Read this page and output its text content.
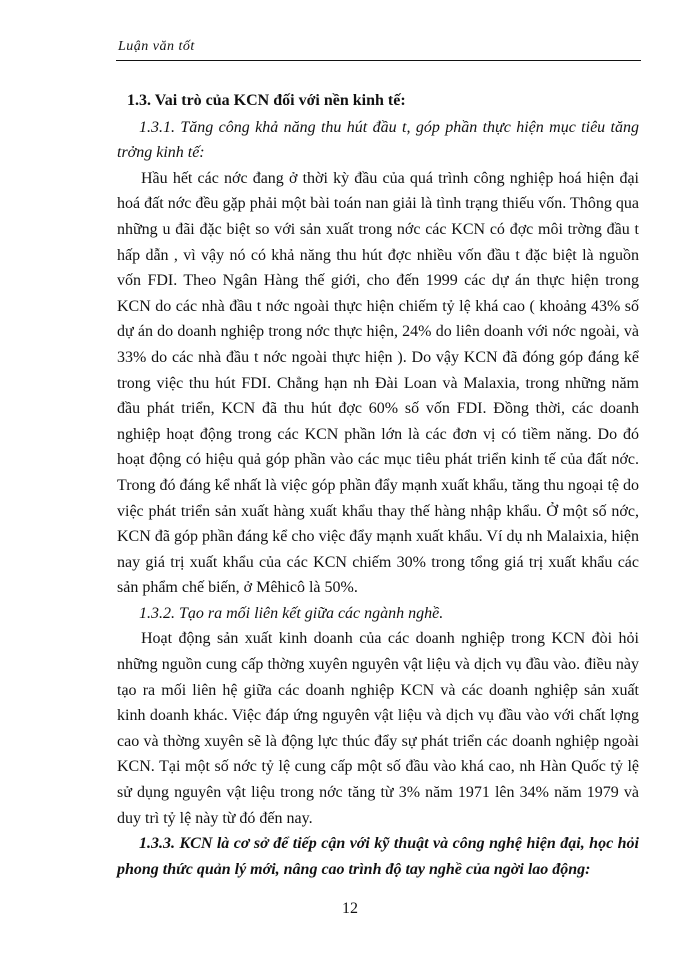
Luận văn tốt

1.3. Vai trò của KCN đối với nền kinh tế:

1.3.1. Tăng công khả năng thu hút đầu t, góp phần thực hiện mục tiêu tăng trởng kinh tế:

Hầu hết các nớc đang ở thời kỳ đầu của quá trình công nghiệp hoá hiện đại hoá đất nớc đều gặp phải một bài toán nan giải là tình trạng thiếu vốn. Thông qua những u đãi đặc biệt so với sản xuất trong nớc các KCN có đợc môi trờng đầu t hấp dẫn , vì vậy nó có khả năng thu hút đợc nhiều vốn đầu t đặc biệt là nguồn vốn FDI. Theo Ngân Hàng thế giới, cho đến 1999 các dự án thực hiện trong KCN do các nhà đầu t nớc ngoài thực hiện chiếm tỷ lệ khá cao ( khoảng 43% số dự án do doanh nghiệp trong nớc thực hiện, 24% do liên doanh với nớc ngoài, và 33% do các nhà đầu t nớc ngoài thực hiện ). Do vậy KCN đã đóng góp đáng kể trong việc thu hút FDI. Chẳng hạn nh Đài Loan và Malaxia, trong những năm đầu phát triển, KCN đã thu hút đợc 60% số vốn FDI. Đồng thời, các doanh nghiệp hoạt động trong các KCN phần lớn là các đơn vị có tiềm năng. Do đó hoạt động có hiệu quả góp phần vào các mục tiêu phát triển kinh tế của đất nớc. Trong đó đáng kể nhất là việc góp phần đẩy mạnh xuất khẩu, tăng thu ngoại tệ do việc phát triển sản xuất hàng xuất khẩu thay thế hàng nhập khẩu. Ở một số nớc, KCN đã góp phần đáng kể cho việc đẩy mạnh xuất khẩu. Ví dụ nh Malaixia, hiện nay giá trị xuất khẩu của các KCN chiếm 30% trong tổng giá trị xuất khẩu các sản phẩm chế biến, ở Mêhicô là 50%.

1.3.2. Tạo ra mối liên kết giữa các ngành nghề.

Hoạt động sản xuất kinh doanh của các doanh nghiệp trong KCN đòi hỏi những nguồn cung cấp thờng xuyên nguyên vật liệu và dịch vụ đầu vào. điều này tạo ra mối liên hệ giữa các doanh nghiệp KCN và các doanh nghiệp sản xuất kinh doanh khác. Việc đáp ứng nguyên vật liệu và dịch vụ đầu vào với chất lợng cao và thờng xuyên sẽ là động lực thúc đẩy sự phát triển các doanh nghiệp ngoài KCN. Tại một số nớc tỷ lệ cung cấp một số đầu vào khá cao, nh Hàn Quốc tỷ lệ sử dụng nguyên vật liệu trong nớc tăng từ 3% năm 1971 lên 34% năm 1979 và duy trì tỷ lệ này từ đó đến nay.

1.3.3. KCN là cơ sở để tiếp cận với kỹ thuật và công nghệ hiện đại, học hỏi phong thức quản lý mới, nâng cao trình độ tay nghề của ngời lao động:

12
